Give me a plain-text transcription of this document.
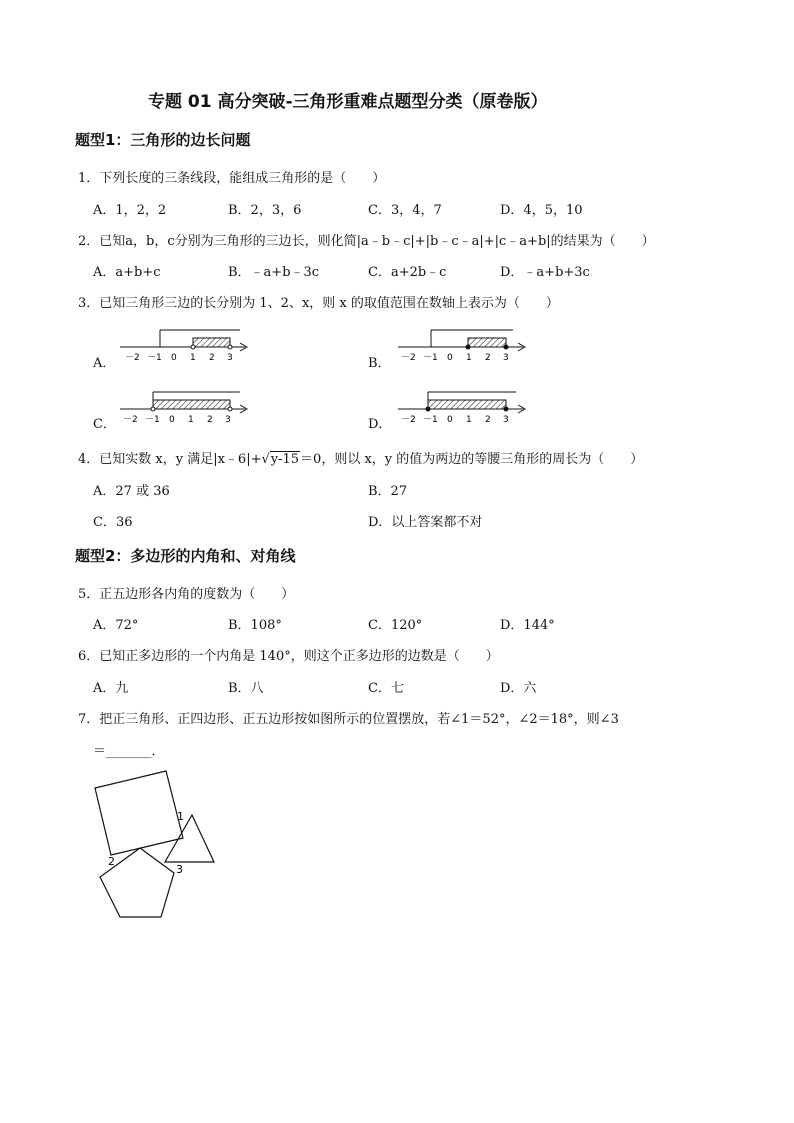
专题 01 高分突破-三角形重难点题型分类（原卷版）
题型1：三角形的边长问题
1．下列长度的三条线段，能组成三角形的是（　　）
A．1，2，2	B．2，3，6	C．3，4，7	D．4，5，10
2．已知a，b，c分别为三角形的三边长，则化简|a﹣b﹣c|+|b﹣c﹣a|+|c﹣a+b|的结果为（　　）
A．a+b+c	B．﹣a+b﹣3c	C．a+2b﹣c	D．﹣a+b+3c
3．已知三角形三边的长分别为 1、2、x，则 x 的取值范围在数轴上表示为（　　）
A． －2 －1 0 1 2 3	B． －2 －1 0 1 2 3
C． －2 －1 0 1 2 3	D． －2 －1 0 1 2 3
4．已知实数 x，y 满足|x﹣6|+√y-15＝0，则以 x，y 的值为两边的等腰三角形的周长为（　　）
A．27 或 36	B．27
C．36	D．以上答案都不对
题型2：多边形的内角和、对角线
5．正五边形各内角的度数为（　　）
A．72°	B．108°	C．120°	D．144°
6．已知正多边形的一个内角是 140°，则这个正多边形的边数是（　　）
A．九	B．八	C．七	D．六
7．把正三角形、正四边形、正五边形按如图所示的位置摆放，若∠1＝52°，∠2＝18°，则∠3
＝_______．
1
2
3
